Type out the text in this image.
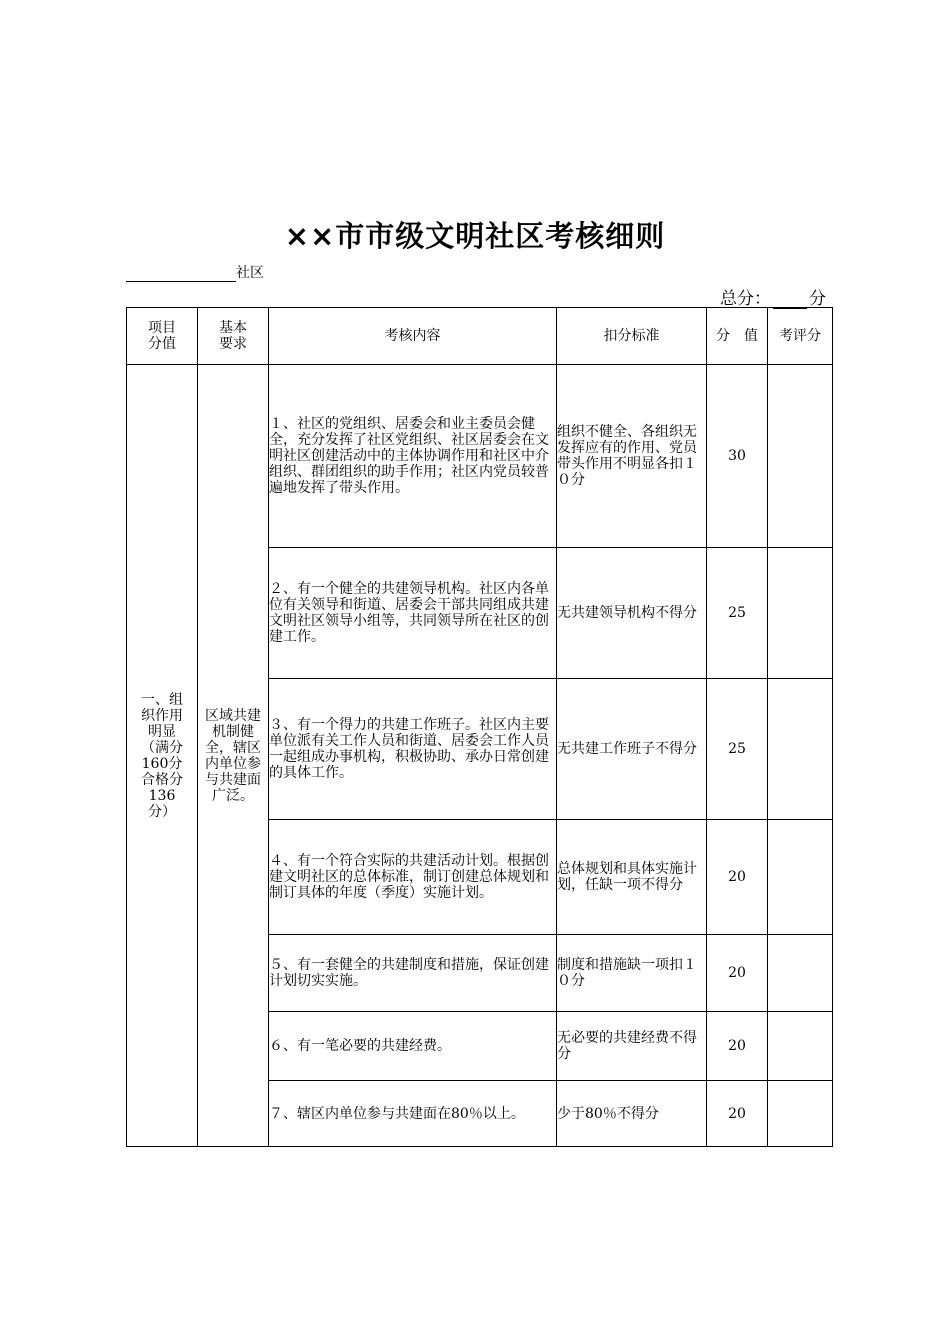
××市市级文明社区考核细则
社区
总分： 分
项目分值	基本要求	考核内容	扣分标准	分　值	考评分

一、组织作用明显（满分160分合格分136分）	区域共建机制健全，辖区内单位参与共建面广泛。	１、社区的党组织、居委会和业主委员会健全，充分发挥了社区党组织、社区居委会在文明社区创建活动中的主体协调作用和社区中介组织、群团组织的助手作用；社区内党员较普遍地发挥了带头作用。	组织不健全、各组织无发挥应有的作用、党员带头作用不明显各扣１０分	30	
		２、有一个健全的共建领导机构。社区内各单位有关领导和街道、居委会干部共同组成共建文明社区领导小组等，共同领导所在社区的创建工作。	无共建领导机构不得分	25	
		３、有一个得力的共建工作班子。社区内主要单位派有关工作人员和街道、居委会工作人员一起组成办事机构，积极协助、承办日常创建的具体工作。	无共建工作班子不得分	25	
		４、有一个符合实际的共建活动计划。根据创建文明社区的总体标准，制订创建总体规划和制订具体的年度（季度）实施计划。	总体规划和具体实施计划，任缺一项不得分	20	
		５、有一套健全的共建制度和措施，保证创建计划切实实施。	制度和措施缺一项扣１０分	20	
		６、有一笔必要的共建经费。	无必要的共建经费不得分	20	
		７、辖区内单位参与共建面在80％以上。	少于80％不得分	20	
